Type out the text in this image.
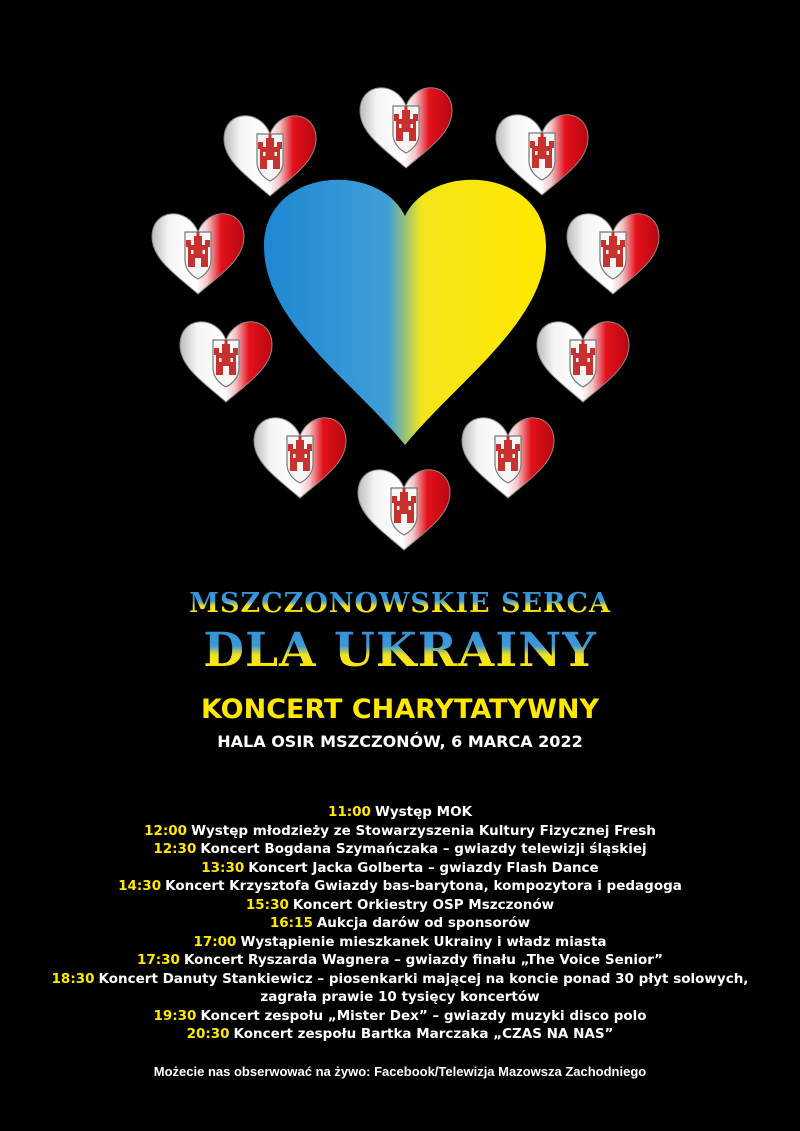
MSZCZONOWSKIE SERCA
DLA UKRAINY
KONCERT CHARYTATYWNY
HALA OSIR MSZCZONÓW, 6 MARCA 2022
11:00 Występ MOK
12:00 Występ młodzieży ze Stowarzyszenia Kultury Fizycznej Fresh
12:30 Koncert Bogdana Szymańczaka – gwiazdy telewizji śląskiej
13:30 Koncert Jacka Golberta – gwiazdy Flash Dance
14:30 Koncert Krzysztofa Gwiazdy bas-barytona, kompozytora i pedagoga
15:30 Koncert Orkiestry OSP Mszczonów
16:15 Aukcja darów od sponsorów
17:00 Wystąpienie mieszkanek Ukrainy i władz miasta
17:30 Koncert Ryszarda Wagnera – gwiazdy finału „The Voice Senior”
18:30 Koncert Danuty Stankiewicz – piosenkarki mającej na koncie ponad 30 płyt solowych,
zagrała prawie 10 tysięcy koncertów
19:30 Koncert zespołu „Mister Dex” – gwiazdy muzyki disco polo
20:30 Koncert zespołu Bartka Marczaka „CZAS NA NAS”
Możecie nas obserwować na żywo: Facebook/Telewizja Mazowsza Zachodniego
